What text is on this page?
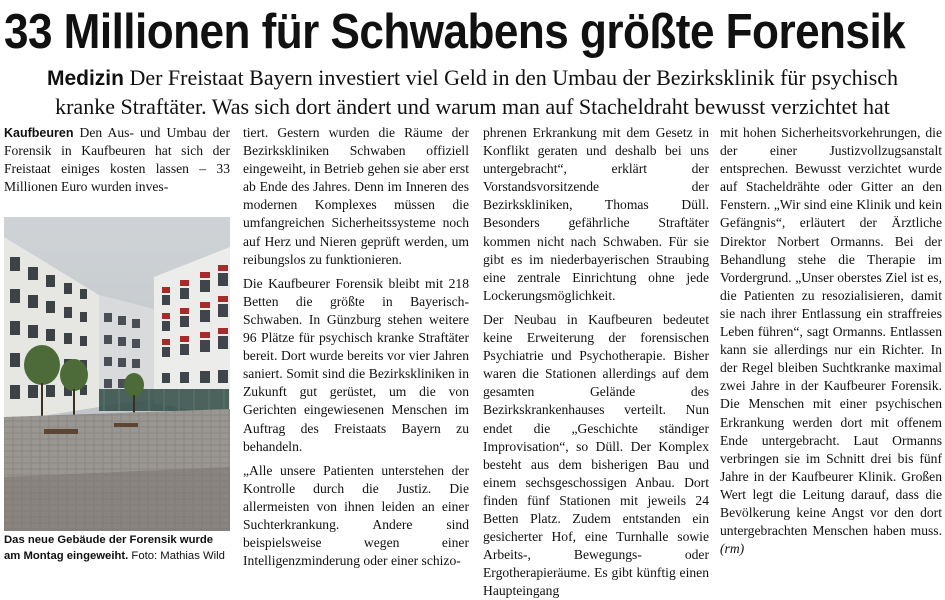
33 Millionen für Schwabens größte Forensik
Medizin Der Freistaat Bayern investiert viel Geld in den Umbau der Bezirksklinik für psychisch
kranke Straftäter. Was sich dort ändert und warum man auf Stacheldraht bewusst verzichtet hat

Kaufbeuren Den Aus- und Umbau der Forensik in Kaufbeuren hat sich der Freistaat einiges kosten lassen – 33 Millionen Euro wurden inves-

Das neue Gebäude der Forensik wurde am Montag eingeweiht. Foto: Mathias Wild

tiert. Gestern wurden die Räume der Bezirkskliniken Schwaben offiziell eingeweiht, in Betrieb gehen sie aber erst ab Ende des Jahres. Denn im Inneren des modernen Komplexes müssen die umfangreichen Sicherheitssysteme noch auf Herz und Nieren geprüft werden, um reibungslos zu funktionieren.

Die Kaufbeurer Forensik bleibt mit 218 Betten die größte in Bayerisch-Schwaben. In Günzburg stehen weitere 96 Plätze für psychisch kranke Straftäter bereit. Dort wurde bereits vor vier Jahren saniert. Somit sind die Bezirkskliniken in Zukunft gut gerüstet, um die von Gerichten eingewiesenen Menschen im Auftrag des Freistaats Bayern zu behandeln.

„Alle unsere Patienten unterstehen der Kontrolle durch die Justiz. Die allermeisten von ihnen leiden an einer Suchterkrankung. Andere sind beispielsweise wegen einer Intelligenzminderung oder einer schizo-

phrenen Erkrankung mit dem Gesetz in Konflikt geraten und deshalb bei uns untergebracht“, erklärt der Vorstandsvorsitzende der Bezirkskliniken, Thomas Düll. Besonders gefährliche Straftäter kommen nicht nach Schwaben. Für sie gibt es im niederbayerischen Straubing eine zentrale Einrichtung ohne jede Lockerungsmöglichkeit.

Der Neubau in Kaufbeuren bedeutet keine Erweiterung der forensischen Psychiatrie und Psychotherapie. Bisher waren die Stationen allerdings auf dem gesamten Gelände des Bezirkskrankenhauses verteilt. Nun endet die „Geschichte ständiger Improvisation“, so Düll. Der Komplex besteht aus dem bisherigen Bau und einem sechsgeschossigen Anbau. Dort finden fünf Stationen mit jeweils 24 Betten Platz. Zudem entstanden ein gesicherter Hof, eine Turnhalle sowie Arbeits-, Bewegungs- oder Ergotherapieräume. Es gibt künftig einen Haupteingang

mit hohen Sicherheitsvorkehrungen, die der einer Justizvollzugsanstalt entsprechen. Bewusst verzichtet wurde auf Stacheldrähte oder Gitter an den Fenstern. „Wir sind eine Klinik und kein Gefängnis“, erläutert der Ärztliche Direktor Norbert Ormanns. Bei der Behandlung stehe die Therapie im Vordergrund. „Unser oberstes Ziel ist es, die Patienten zu resozialisieren, damit sie nach ihrer Entlassung ein straffreies Leben führen“, sagt Ormanns. Entlassen kann sie allerdings nur ein Richter. In der Regel bleiben Suchtkranke maximal zwei Jahre in der Kaufbeurer Forensik. Die Menschen mit einer psychischen Erkrankung werden dort mit offenem Ende untergebracht. Laut Ormanns verbringen sie im Schnitt drei bis fünf Jahre in der Kaufbeurer Klinik. Großen Wert legt die Leitung darauf, dass die Bevölkerung keine Angst vor den dort untergebrachten Menschen haben muss. (rm)
